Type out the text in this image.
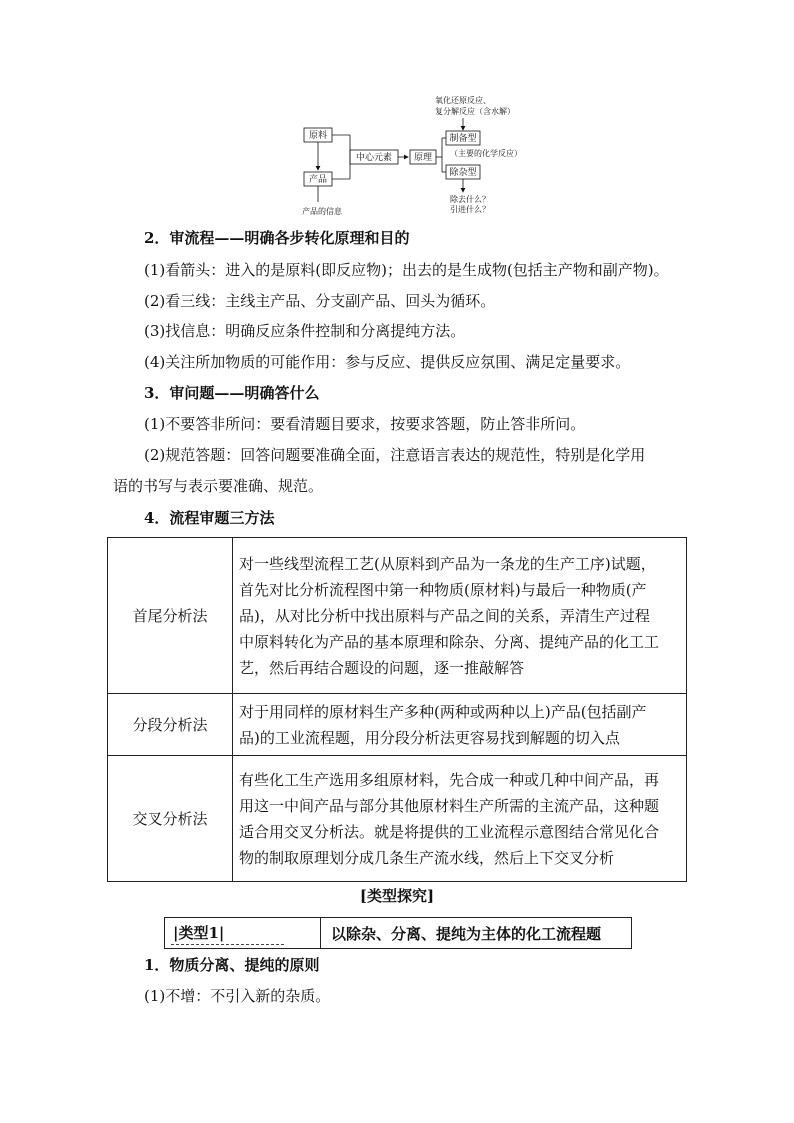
原料
产品
产品的信息
中心元素 原理
制备型
除杂型
氧化还原反应、
复分解反应（含水解）
（主要的化学反应）
除去什么？
引进什么？
2．审流程——明确各步转化原理和目的
(1)看箭头：进入的是原料(即反应物)；出去的是生成物(包括主产物和副产物)。
(2)看三线：主线主产品、分支副产品、回头为循环。
(3)找信息：明确反应条件控制和分离提纯方法。
(4)关注所加物质的可能作用：参与反应、提供反应氛围、满足定量要求。
3．审问题——明确答什么
(1)不要答非所问：要看清题目要求，按要求答题，防止答非所问。
(2)规范答题：回答问题要准确全面，注意语言表达的规范性，特别是化学用
语的书写与表示要准确、规范。
4．流程审题三方法
首尾分析法	对一些线型流程工艺(从原料到产品为一条龙的生产工序)试题，
首先对比分析流程图中第一种物质(原材料)与最后一种物质(产
品)，从对比分析中找出原料与产品之间的关系，弄清生产过程
中原料转化为产品的基本原理和除杂、分离、提纯产品的化工工
艺，然后再结合题设的问题，逐一推敲解答

分段分析法	对于用同样的原材料生产多种(两种或两种以上)产品(包括副产
品)的工业流程题，用分段分析法更容易找到解题的切入点

交叉分析法	有些化工生产选用多组原材料，先合成一种或几种中间产品，再
用这一中间产品与部分其他原材料生产所需的主流产品，这种题
适合用交叉分析法。就是将提供的工业流程示意图结合常见化合
物的制取原理划分成几条生产流水线，然后上下交叉分析
[类型探究]
|类型1|	以除杂、分离、提纯为主体的化工流程题
1．物质分离、提纯的原则
(1)不增：不引入新的杂质。
